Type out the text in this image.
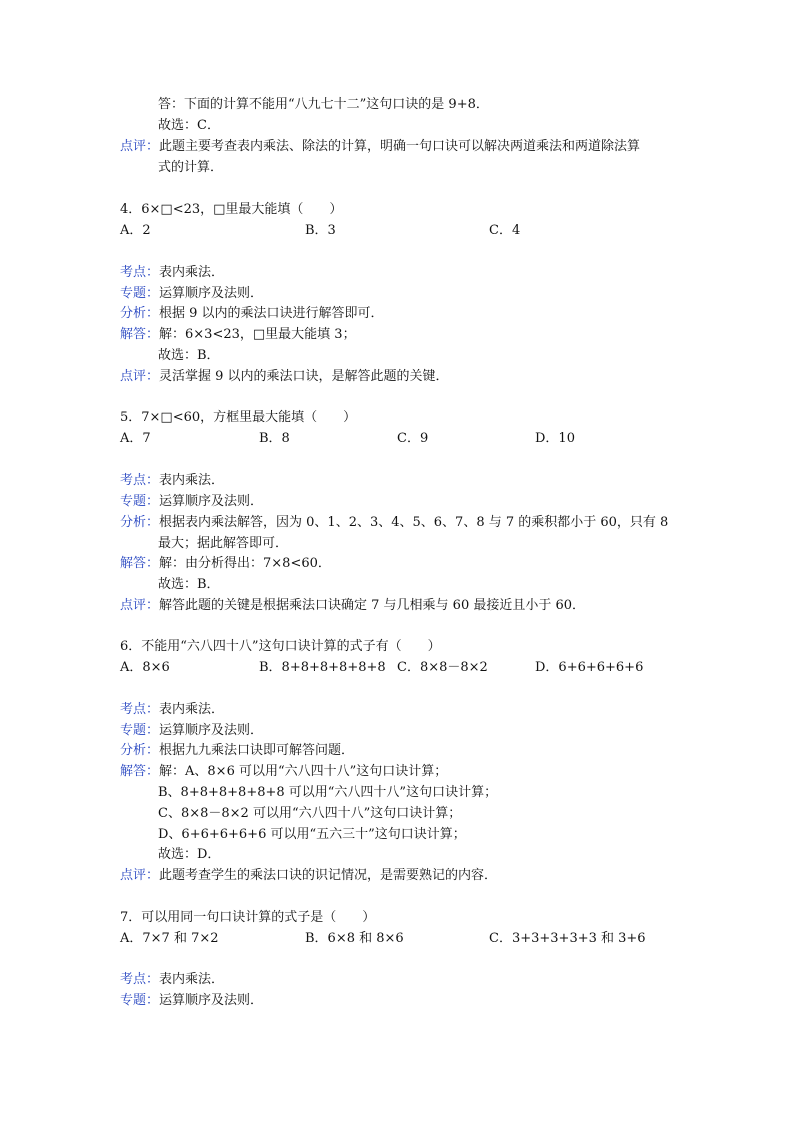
答：下面的计算不能用“八九七十二”这句口诀的是 9+8．
故选：C．
点评：此题主要考查表内乘法、除法的计算，明确一句口诀可以解决两道乘法和两道除法算
式的计算．
4．6×□<23，□里最大能填（　　）
A．2	B．3	C．4
考点：表内乘法．
专题：运算顺序及法则．
分析：根据 9 以内的乘法口诀进行解答即可．
解答：解：6×3<23，□里最大能填 3；
故选：B．
点评：灵活掌握 9 以内的乘法口诀，是解答此题的关键．
5．7×□<60，方框里最大能填（　　）
A．7	B．8	C．9	D．10
考点：表内乘法．
专题：运算顺序及法则．
分析：根据表内乘法解答，因为 0、1、2、3、4、5、6、7、8 与 7 的乘积都小于 60，只有 8
最大；据此解答即可．
解答：解：由分析得出：7×8<60．
故选：B．
点评：解答此题的关键是根据乘法口诀确定 7 与几相乘与 60 最接近且小于 60．
6．不能用“六八四十八”这句口诀计算的式子有（　　）
A．8×6	B．8+8+8+8+8+8 C．8×8－8×2	D．6+6+6+6+6
考点：表内乘法．
专题：运算顺序及法则．
分析：根据九九乘法口诀即可解答问题．
解答：解：A、8×6 可以用“六八四十八”这句口诀计算；
B、8+8+8+8+8+8 可以用“六八四十八”这句口诀计算；
C、8×8－8×2 可以用“六八四十八”这句口诀计算；
D、6+6+6+6+6 可以用“五六三十”这句口诀计算；
故选：D．
点评：此题考查学生的乘法口诀的识记情况，是需要熟记的内容．
7．可以用同一句口诀计算的式子是（　　）
A．7×7 和 7×2	B．6×8 和 8×6	C．3+3+3+3+3 和 3+6
考点：表内乘法．
专题：运算顺序及法则．
